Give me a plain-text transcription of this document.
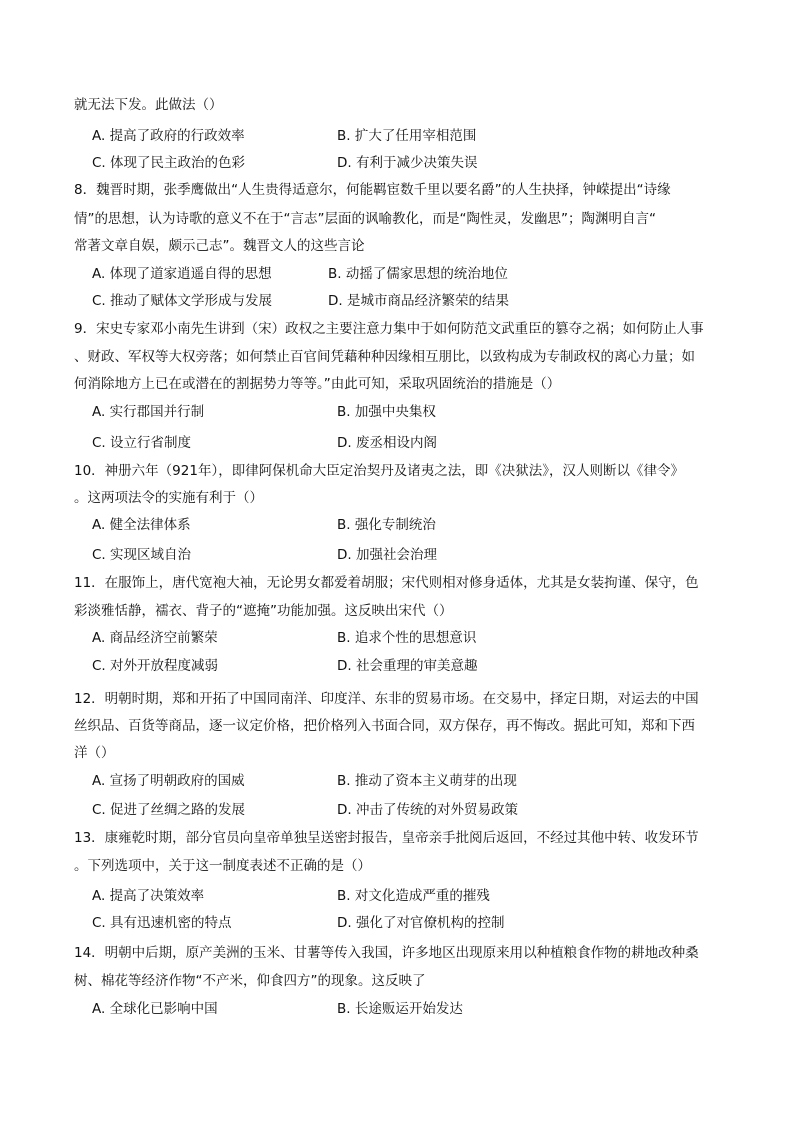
就无法下发。此做法（）
A. 提高了政府的行政效率	B. 扩大了任用宰相范围
C. 体现了民主政治的色彩	D. 有利于减少决策失误
8．魏晋时期，张季鹰做出“人生贵得适意尔，何能羁宦数千里以要名爵”的人生抉择，钟嵘提出“诗缘
情”的思想，认为诗歌的意义不在于“言志”层面的讽喻教化，而是“陶性灵，发幽思”；陶渊明自言“
常著文章自娱，颇示己志”。魏晋文人的这些言论
A. 体现了道家逍遥自得的思想	B. 动摇了儒家思想的统治地位
C. 推动了赋体文学形成与发展	D. 是城市商品经济繁荣的结果
9．宋史专家邓小南先生讲到（宋）政权之主要注意力集中于如何防范文武重臣的篡夺之祸；如何防止人事
、财政、军权等大权旁落；如何禁止百官间凭藉种种因缘相互朋比，以致构成为专制政权的离心力量；如
何消除地方上已在或潜在的割据势力等等。”由此可知，采取巩固统治的措施是（）
A. 实行郡国并行制	B. 加强中央集权
C. 设立行省制度	D. 废丞相设内阁
10．神册六年（921年），即律阿保机命大臣定治契丹及诸夷之法，即《决狱法》，汉人则断以《律令》
。这两项法令的实施有利于（）
A. 健全法律体系	B. 强化专制统治
C. 实现区域自治	D. 加强社会治理
11．在服饰上，唐代宽袍大袖，无论男女都爱着胡服；宋代则相对修身适体，尤其是女装拘谨、保守，色
彩淡雅恬静，襦衣、背子的“遮掩”功能加强。这反映出宋代（）
A. 商品经济空前繁荣	B. 追求个性的思想意识
C. 对外开放程度减弱	D. 社会重理的审美意趣
12．明朝时期，郑和开拓了中国同南洋、印度洋、东非的贸易市场。在交易中，择定日期，对运去的中国
丝织品、百货等商品，逐一议定价格，把价格列入书面合同，双方保存，再不悔改。据此可知，郑和下西
洋（）
A. 宣扬了明朝政府的国威	B. 推动了资本主义萌芽的出现
C. 促进了丝绸之路的发展	D. 冲击了传统的对外贸易政策
13．康雍乾时期，部分官员向皇帝单独呈送密封报告，皇帝亲手批阅后返回，不经过其他中转、收发环节
。下列选项中，关于这一制度表述不正确的是（）
A. 提高了决策效率	B. 对文化造成严重的摧残
C. 具有迅速机密的特点	D. 强化了对官僚机构的控制
14．明朝中后期，原产美洲的玉米、甘薯等传入我国，许多地区出现原来用以种植粮食作物的耕地改种桑
树、棉花等经济作物“不产米，仰食四方”的现象。这反映了
A. 全球化已影响中国	B. 长途贩运开始发达
